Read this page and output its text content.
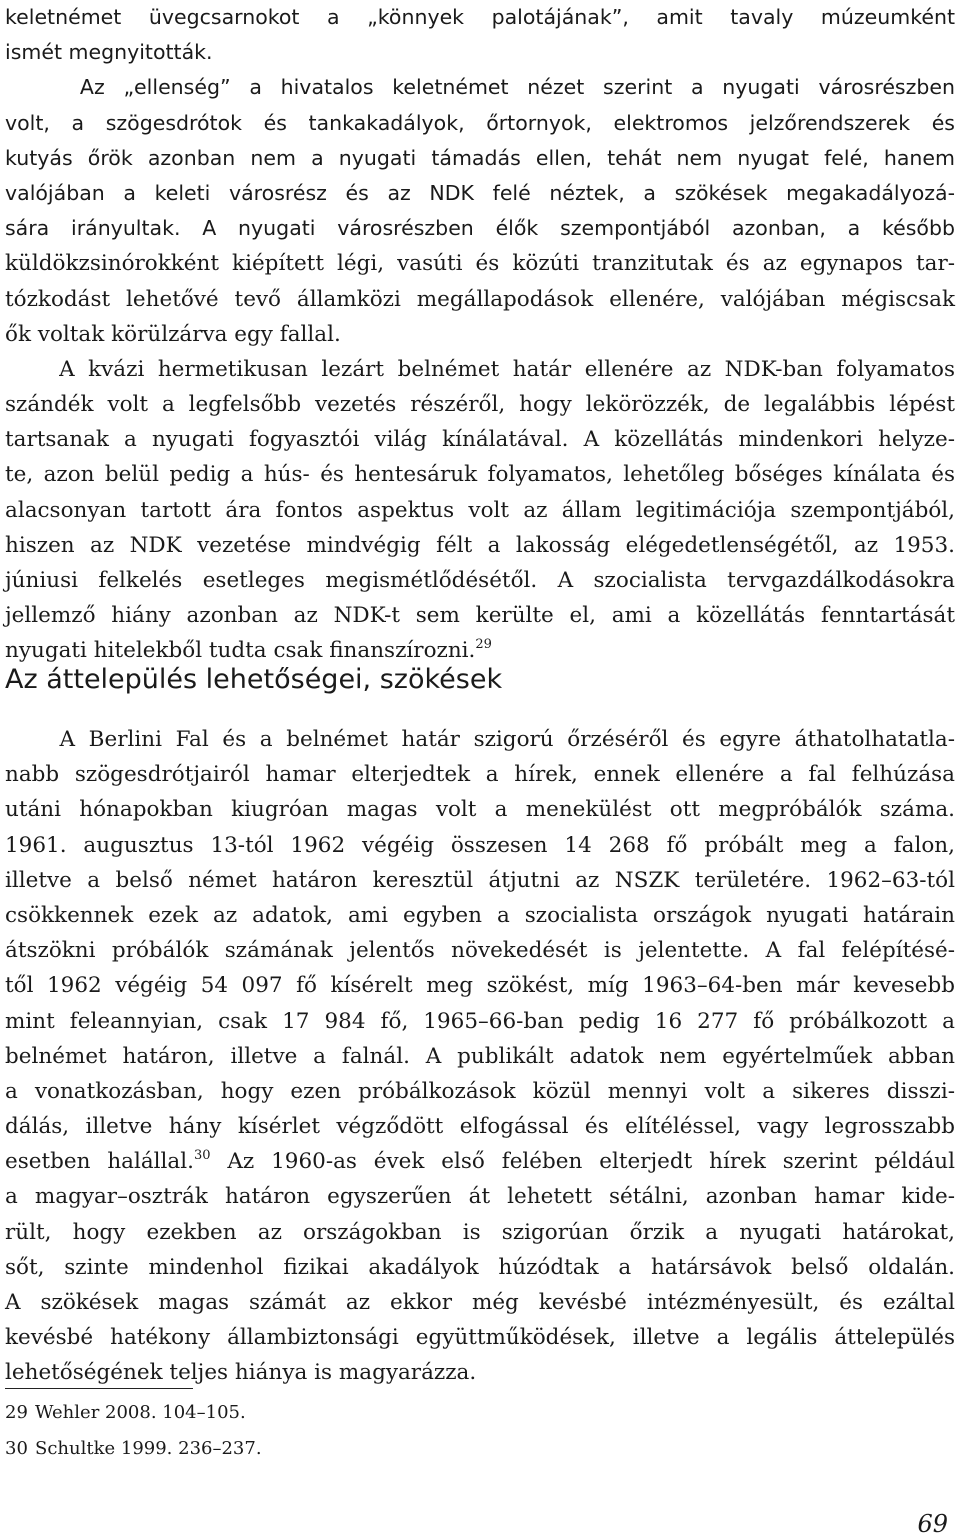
keletnémet üvegcsarnokot a „könnyek palotájának”, amit tavaly múzeumként
ismét megnyitották.
Az „ellenség” a hivatalos keletnémet nézet szerint a nyugati városrészben
volt, a szögesdrótok és tankakadályok, őrtornyok, elektromos jelzőrendszerek és
kutyás őrök azonban nem a nyugati támadás ellen, tehát nem nyugat felé, hanem
valójában a keleti városrész és az NDK felé néztek, a szökések megakadályozá-
sára irányultak. A nyugati városrészben élők szempontjából azonban, a később
küldökzsinórokként kiépített légi, vasúti és közúti tranzitutak és az egynapos tar-
tózkodást lehetővé tevő államközi megállapodások ellenére, valójában mégiscsak
ők voltak körülzárva egy fallal.
A kvázi hermetikusan lezárt belnémet határ ellenére az NDK-ban folyamatos
szándék volt a legfelsőbb vezetés részéről, hogy lekörözzék, de legalábbis lépést
tartsanak a nyugati fogyasztói világ kínálatával. A közellátás mindenkori helyze-
te, azon belül pedig a hús- és hentesáruk folyamatos, lehetőleg bőséges kínálata és
alacsonyan tartott ára fontos aspektus volt az állam legitimációja szempontjából,
hiszen az NDK vezetése mindvégig félt a lakosság elégedetlenségétől, az 1953.
júniusi felkelés esetleges megismétlődésétől. A szocialista tervgazdálkodásokra
jellemző hiány azonban az NDK-t sem kerülte el, ami a közellátás fenntartását
nyugati hitelekből tudta csak finanszírozni.$^{29}$
Az áttelepülés lehetőségei, szökések
A Berlini Fal és a belnémet határ szigorú őrzéséről és egyre áthatolhatatla-
nabb szögesdrótjairól hamar elterjedtek a hírek, ennek ellenére a fal felhúzása
utáni hónapokban kiugróan magas volt a menekülést ott megpróbálók száma.
1961. augusztus 13-tól 1962 végéig összesen 14 268 fő próbált meg a falon,
illetve a belső német határon keresztül átjutni az NSZK területére. 1962–63-tól
csökkennek ezek az adatok, ami egyben a szocialista országok nyugati határain
átszökni próbálók számának jelentős növekedését is jelentette. A fal felépítésé-
től 1962 végéig 54 097 fő kísérelt meg szökést, míg 1963–64-ben már kevesebb
mint feleannyian, csak 17 984 fő, 1965–66-ban pedig 16 277 fő próbálkozott a
belnémet határon, illetve a falnál. A publikált adatok nem egyértelműek abban
a vonatkozásban, hogy ezen próbálkozások közül mennyi volt a sikeres disszi-
dálás, illetve hány kísérlet végződött elfogással és elítéléssel, vagy legrosszabb
esetben halállal.$^{30}$ Az 1960-as évek első felében elterjedt hírek szerint például
a magyar–osztrák határon egyszerűen át lehetett sétálni, azonban hamar kide-
rült, hogy ezekben az országokban is szigorúan őrzik a nyugati határokat,
sőt, szinte mindenhol fizikai akadályok húzódtak a határsávok belső oldalán.
A szökések magas számát az ekkor még kevésbé intézményesült, és ezáltal
kevésbé hatékony állambiztonsági együttműködések, illetve a legális áttelepülés
lehetőségének teljes hiánya is magyarázza.
29 Wehler 2008. 104–105.
30 Schultke 1999. 236–237.
69
